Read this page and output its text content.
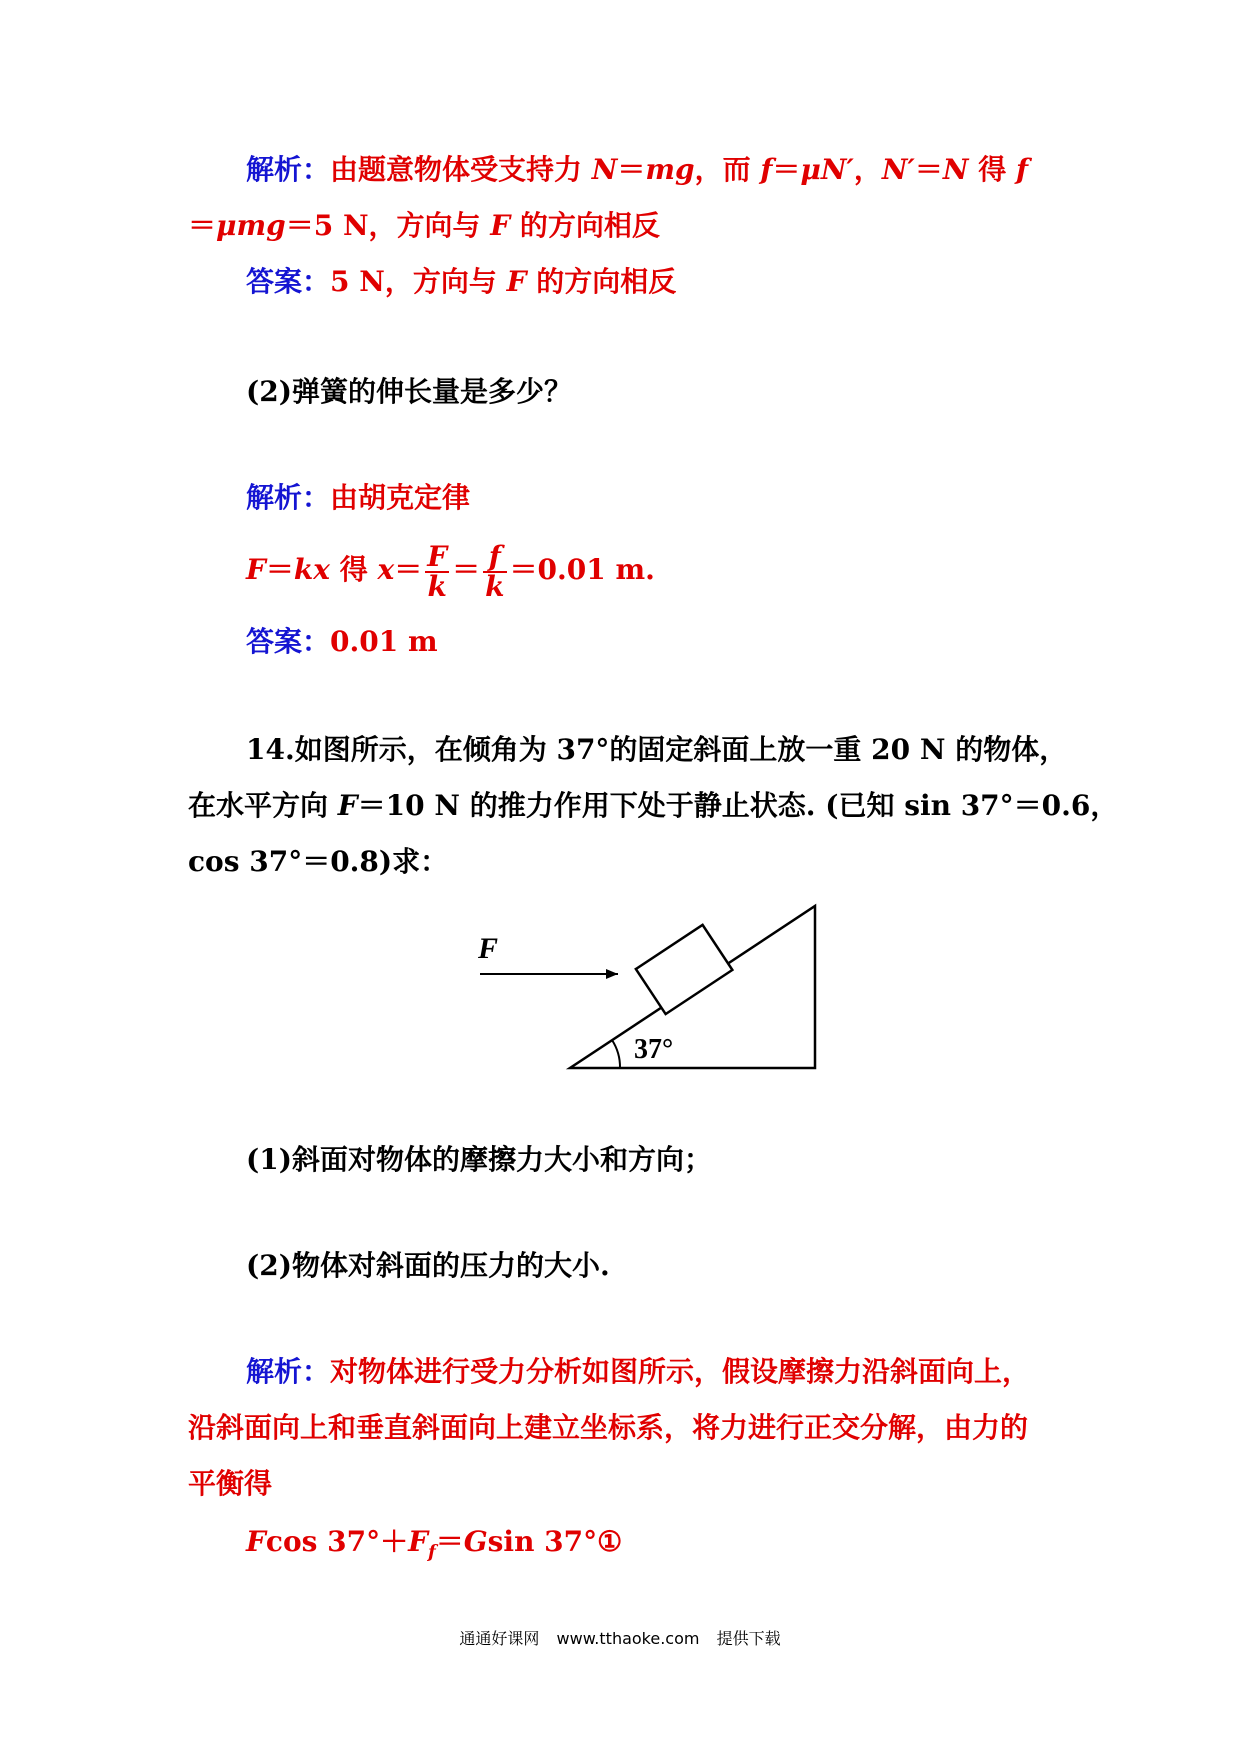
解析：由题意物体受支持力 N＝mg，而 f＝μN′，N′＝N 得 f
＝μmg＝5 N，方向与 F 的方向相反
答案：5 N，方向与 F 的方向相反
(2)弹簧的伸长量是多少？
解析：由胡克定律
F＝kx 得 $x= \frac{F}{k} = \frac{f}{k} =0.01$ m.
答案：0.01 m
14.如图所示，在倾角为 37°的固定斜面上放一重 20 N 的物体，
在水平方向 F＝10 N 的推力作用下处于静止状态. (已知 sin 37°＝0.6，
cos 37°＝0.8)求：
F
37°
(1)斜面对物体的摩擦力大小和方向；
(2)物体对斜面的压力的大小.
解析：对物体进行受力分析如图所示，假设摩擦力沿斜面向上，
沿斜面向上和垂直斜面向上建立坐标系，将力进行正交分解，由力的
平衡得
Fcos $37^\circ+F_f=Gsin$ 37°①
通通好课网 www.tthaoke.com 提供下载
